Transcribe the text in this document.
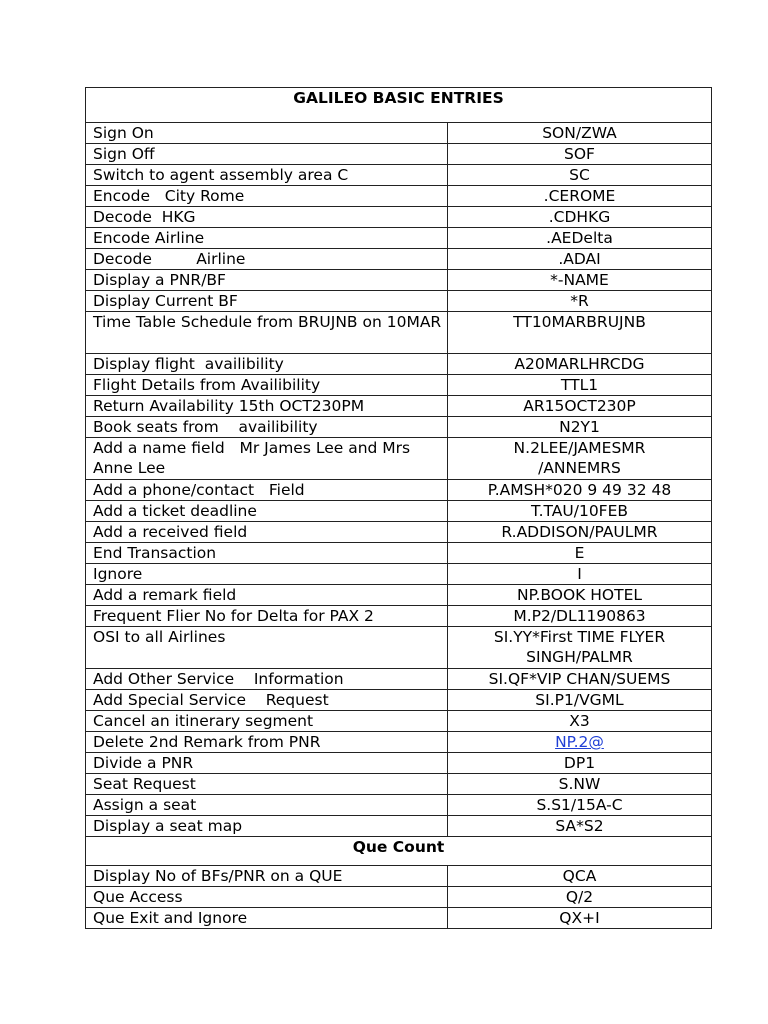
GALILEO BASIC ENTRIES	
Sign On	SON/ZWA
Sign Off	SOF
Switch to agent assembly area C	SC
Encode   City Rome	.CEROME
Decode  HKG	.CDHKG
Encode Airline	.AEDelta
Decode         Airline	.ADAI
Display a PNR/BF	*-NAME
Display Current BF	*R
Time Table Schedule from BRUJNB on 10MAR	TT10MARBRUJNB
Display flight  availibility	A20MARLHRCDG
Flight Details from Availibility	TTL1
Return Availability 15th OCT230PM	AR15OCT230P
Book seats from    availibility	N2Y1
Add a name field   Mr James Lee and Mrs Anne Lee	N.2LEE/JAMESMR
/ANNEMRS
Add a phone/contact   Field	P.AMSH*020 9 49 32 48
Add a ticket deadline	T.TAU/10FEB
Add a received field	R.ADDISON/PAULMR
End Transaction	E
Ignore	I
Add a remark field	NP.BOOK HOTEL
Frequent Flier No for Delta for PAX 2	M.P2/DL1190863
OSI to all Airlines	SI.YY*First TIME FLYER
SINGH/PALMR
Add Other Service    Information	SI.QF*VIP CHAN/SUEMS
Add Special Service    Request	SI.P1/VGML
Cancel an itinerary segment	X3
Delete 2nd Remark from PNR	NP.2@
Divide a PNR	DP1
Seat Request	S.NW
Assign a seat	S.S1/15A-C
Display a seat map	SA*S2
Que Count	
Display No of BFs/PNR on a QUE	QCA
Que Access	Q/2
Que Exit and Ignore	QX+I
